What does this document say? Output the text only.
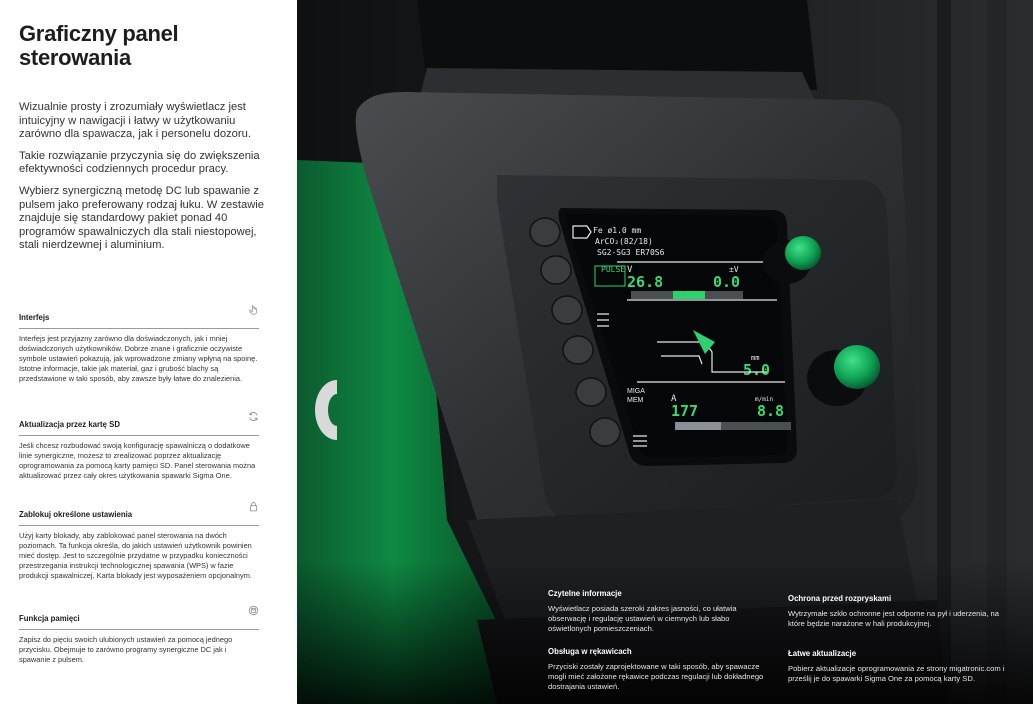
Graficzny panel sterowania

Wizualnie prosty i zrozumiały wyświetlacz jest intuicyjny w nawigacji i łatwy w użytkowaniu zarówno dla spawacza, jak i personelu dozoru.

Takie rozwiązanie przyczynia się do zwiększenia efektywności codziennych procedur pracy.

Wybierz synergiczną metodę DC lub spawanie z pulsem jako preferowany rodzaj łuku. W zestawie znajduje się standardowy pakiet ponad 40 programów spawalniczych dla stali niestopowej, stali nierdzewnej i aluminium.

Interfejs
Interfejs jest przyjazny zarówno dla doświadczonych, jak i mniej doświadczonych użytkowników. Dobrze znane i graficznie oczywiste symbole ustawień pokazują, jak wprowadzone zmiany wpłyną na spoinę. Istotne informacje, takie jak materiał, gaz i grubość blachy są przedstawione w taki sposób, aby zawsze były łatwe do znalezienia.
Aktualizacja przez kartę SD
Jeśli chcesz rozbudować swoją konfigurację spawalniczą o dodatkowe linie synergiczne, możesz to zrealizować poprzez aktualizację oprogramowania za pomocą karty pamięci SD. Panel sterowania można aktualizować przez cały okres użytkowania spawarki Sigma One.
Zablokuj określone ustawienia
Użyj karty blokady, aby zablokować panel sterowania na dwóch poziomach. Ta funkcja określa, do jakich ustawień użytkownik powinien mieć dostęp. Jest to szczególnie przydatne w przypadku konieczności przestrzegania instrukcji technologicznej spawania (WPS) w fazie produkcji spawalniczej. Karta blokady jest wyposażeniem opcjonalnym.
Funkcja pamięci
Zapisz do pięciu swoich ulubionych ustawień za pomocą jednego przycisku. Obejmuje to zarówno programy synergiczne DC jak i spawanie z pulsem.
Fe ø1.0 mm
ArCO₂(82/18)
SG2-SG3 ER70S6
PULSE V
26.8
±V
0.0
mm
5.0
MIGA
MEM	A
177
m/min
8.8
Czytelne informacje
Wyświetlacz posiada szeroki zakres jasności, co ułatwia obserwację i regulację ustawień w ciemnych lub słabo oświetlonych pomieszczeniach.
Obsługa w rękawicach
Przyciski zostały zaprojektowane w taki sposób, aby spawacze mogli mieć założone rękawice podczas regulacji lub dokładnego dostrajania ustawień.
Ochrona przed rozpryskami
Wytrzymałe szkło ochronne jest odporne na pył i uderzenia, na które będzie narażone w hali produkcyjnej.
Łatwe aktualizacje
Pobierz aktualizacje oprogramowania ze strony migatronic.com i prześlij je do spawarki Sigma One za pomocą karty SD.
